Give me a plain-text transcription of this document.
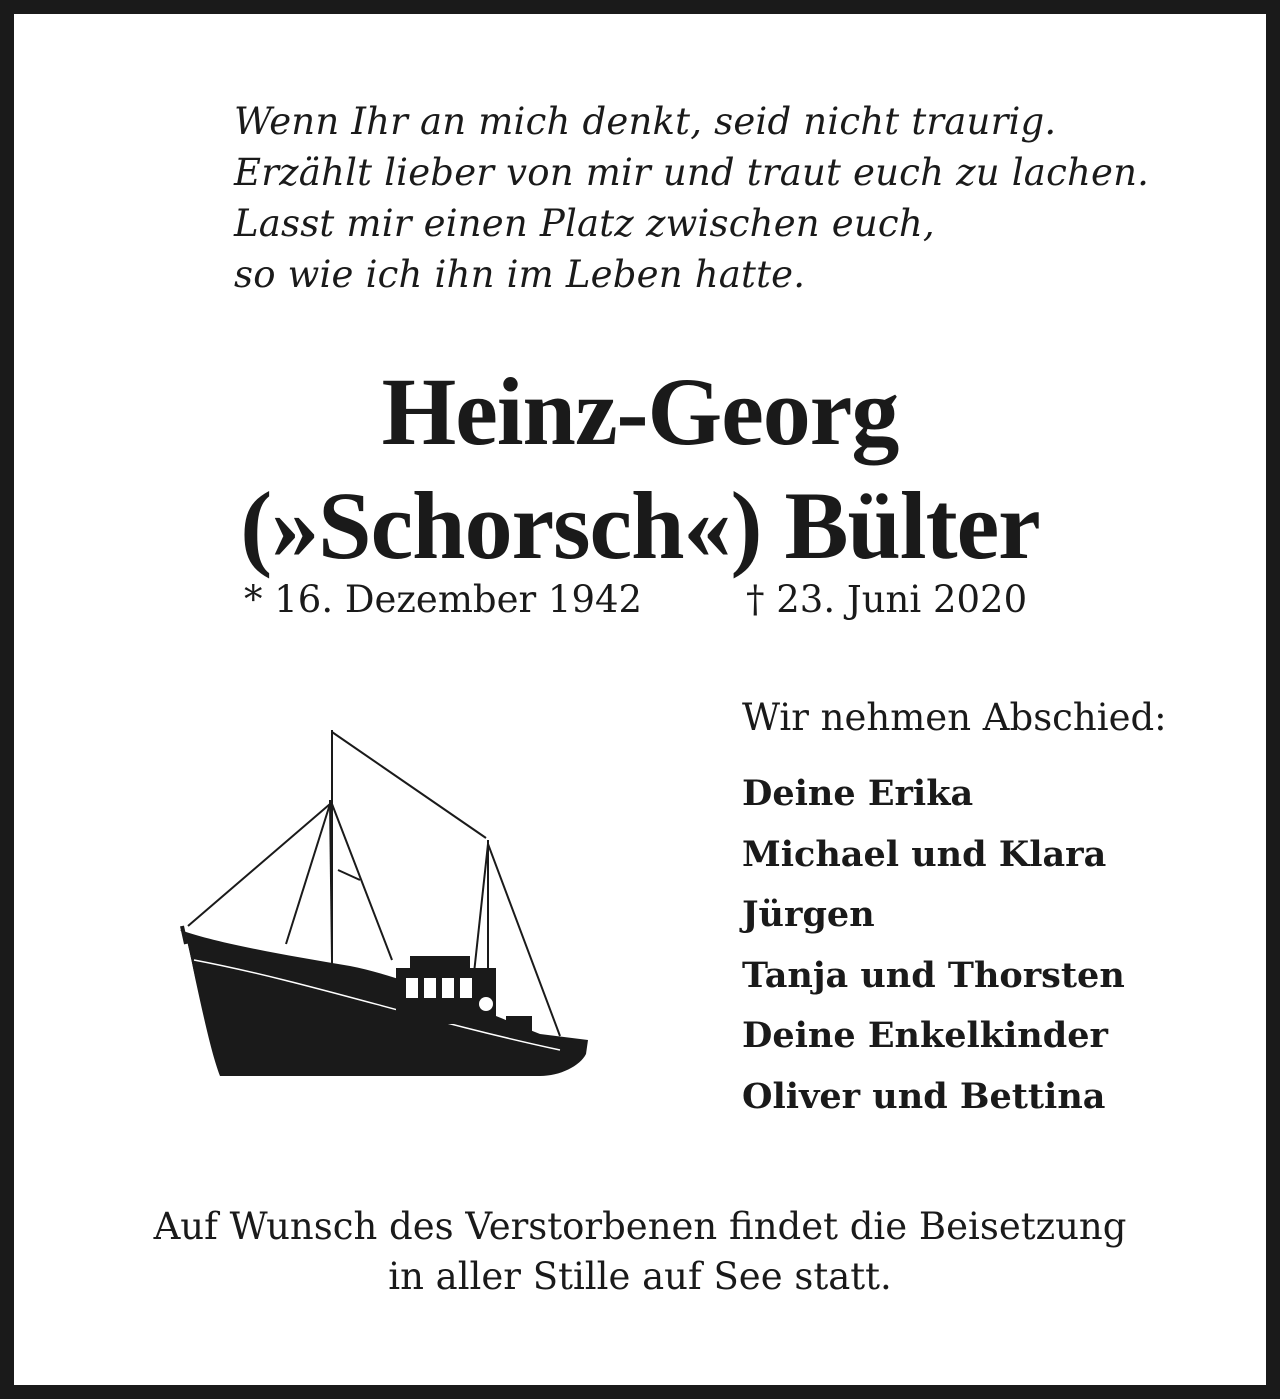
Wenn Ihr an mich denkt, seid nicht traurig.
Erzählt lieber von mir und traut euch zu lachen.
Lasst mir einen Platz zwischen euch,
so wie ich ihn im Leben hatte.
Heinz-Georg
(»Schorsch«) Bülter
* 16. Dezember 1942	† 23. Juni 2020
Wir nehmen Abschied:
Deine Erika
Michael und Klara
Jürgen
Tanja und Thorsten
Deine Enkelkinder
Oliver und Bettina
Auf Wunsch des Verstorbenen findet die Beisetzung
in aller Stille auf See statt.
